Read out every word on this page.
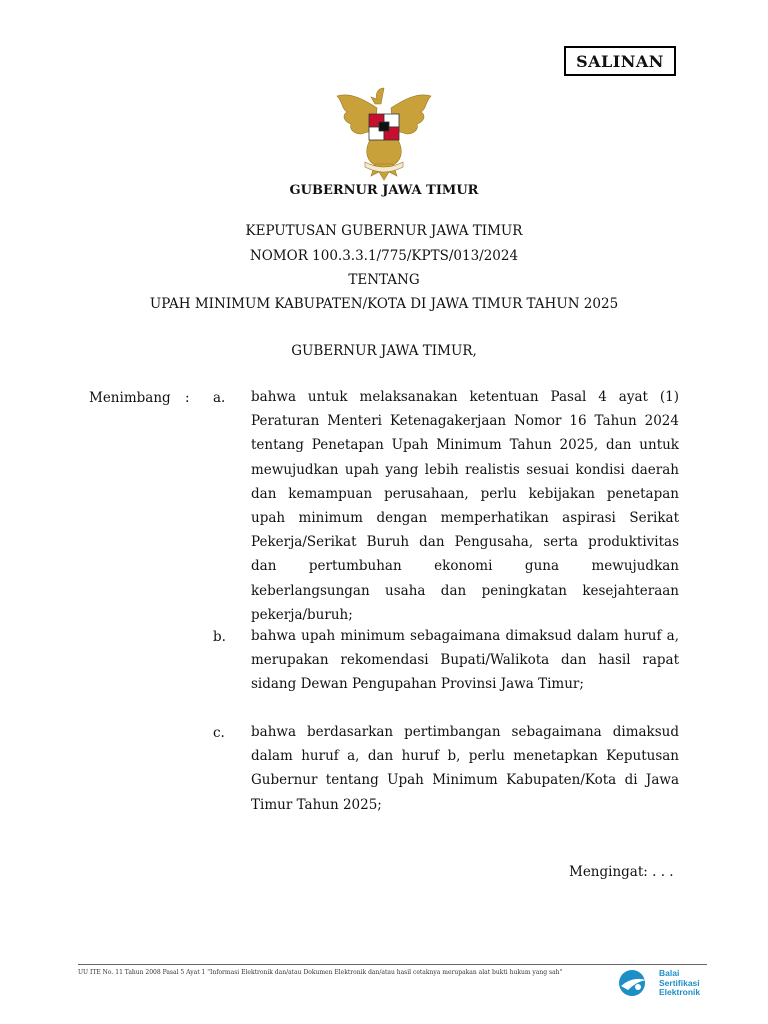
SALINAN
GUBERNUR JAWA TIMUR
KEPUTUSAN GUBERNUR JAWA TIMUR
NOMOR 100.3.3.1/775/KPTS/013/2024
TENTANG
UPAH MINIMUM KABUPATEN/KOTA DI JAWA TIMUR TAHUN 2025
GUBERNUR JAWA TIMUR,
Menimbang : a. bahwa untuk melaksanakan ketentuan Pasal 4 ayat (1) Peraturan Menteri Ketenagakerjaan Nomor 16 Tahun 2024 tentang Penetapan Upah Minimum Tahun 2025, dan untuk mewujudkan upah yang lebih realistis sesuai kondisi daerah dan kemampuan perusahaan, perlu kebijakan penetapan upah minimum dengan memperhatikan aspirasi Serikat Pekerja/Serikat Buruh dan Pengusaha, serta produktivitas dan pertumbuhan ekonomi guna mewujudkan keberlangsungan usaha dan peningkatan kesejahteraan pekerja/buruh;
b. bahwa upah minimum sebagaimana dimaksud dalam huruf a, merupakan rekomendasi Bupati/Walikota dan hasil rapat sidang Dewan Pengupahan Provinsi Jawa Timur;
c. bahwa berdasarkan pertimbangan sebagaimana dimaksud dalam huruf a, dan huruf b, perlu menetapkan Keputusan Gubernur tentang Upah Minimum Kabupaten/Kota di Jawa Timur Tahun 2025;
Mengingat: . . .
UU ITE No. 11 Tahun 2008 Pasal 5 Ayat 1 "Informasi Elektronik dan/atau Dokumen Elektronik dan/atau hasil cetaknya merupakan alat bukti hukum yang sah"	Balai
Sertifikasi
Elektronik
